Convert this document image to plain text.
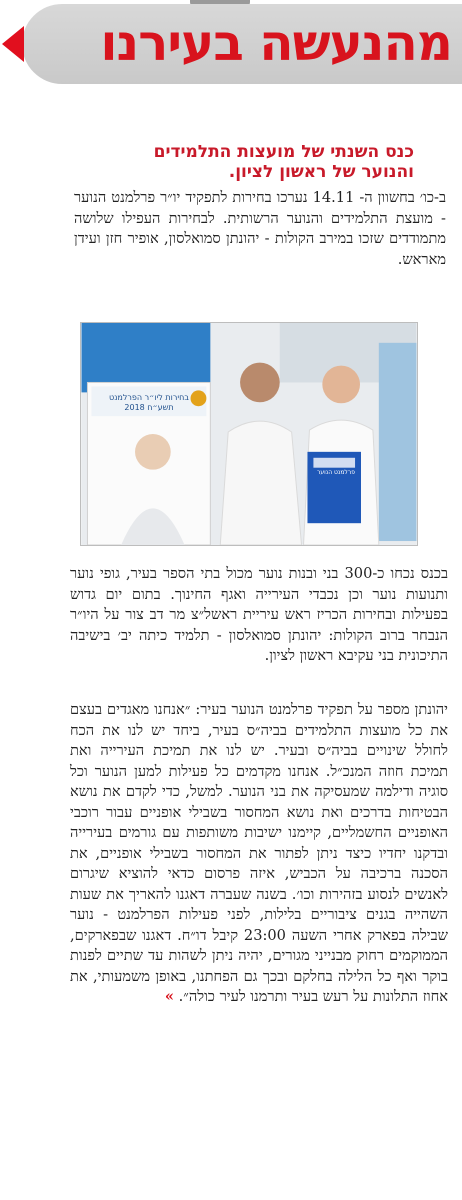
מהנעשה בעירנו
כנס השנתי של מועצות התלמידים
והנוער של ראשון לציון.

ב-כו׳ בחשוון ה- 14.11 נערכו בחירות לתפקיד יו״ר פרלמנט הנוער - מועצת התלמידים והנוער הרשותית. לבחירות העפילו שלושה מתמודדים שזכו במירב הקולות - יהונתן סמואלסון, אופיר חזן ועידן מאראש.

בחירות ליו״ר הפרלמנט
תשע״ח 2018
פרלמנט הנוער

בכנס נכחו כ-300 בני ובנות נוער מכול בתי הספר בעיר, גופי נוער ותנועות נוער וכן נכבדי העירייה ואגף החינוך. בתום יום גדוש בפעילות ובחירות הכריז ראש עיריית ראשל״צ מר דב צור על היו״ר הנבחר ברוב הקולות: יהונתן סמואלסון - תלמיד כיתה יב׳ בישיבה התיכונית בני עקיבא ראשון לציון.

יהונתן מספר על תפקיד פרלמנט הנוער בעיר: ״אנחנו מאגדים בעצם את כל מועצות התלמידים בביה״ס בעיר, ביחד יש לנו את הכח לחולל שינויים בביה״ס ובעיר. יש לנו את תמיכת העירייה ואת תמיכת חוזה המנכ״ל. אנחנו מקדמים כל פעילות למען הנוער וכל סוגיה ודילמה שמעסיקה את בני הנוער. למשל, כדי לקדם את נושא הבטיחות בדרכים ואת נושא המחסור בשבילי אופניים עבור רוכבי האופניים החשמליים, קיימנו ישיבות משותפות עם גורמים בעירייה ובדקנו יחדיו כיצד ניתן לפתור את המחסור בשבילי אופניים, את הסכנה ברכיבה על הכביש, איזה פרסום כדאי להוציא שיגרום לאנשים לנסוע בזהירות וכו׳. בשנה שעברה דאגנו להאריך את שעות השהייה בגנים ציבוריים בלילות, לפני פעילות הפרלמנט - נוער שבילה בפארק אחרי השעה 23:00 קיבל דו״ח. דאגנו שבפארקים, הממוקמים רחוק מבנייני מגורים, יהיה ניתן לשהות עד שתיים לפנות בוקר ואף כל הלילה בחלקם ובכך גם הפחתנו, באופן משמעותי, את אחוז התלונות על רעש בעיר ותרמנו לעיר כולה״. »
